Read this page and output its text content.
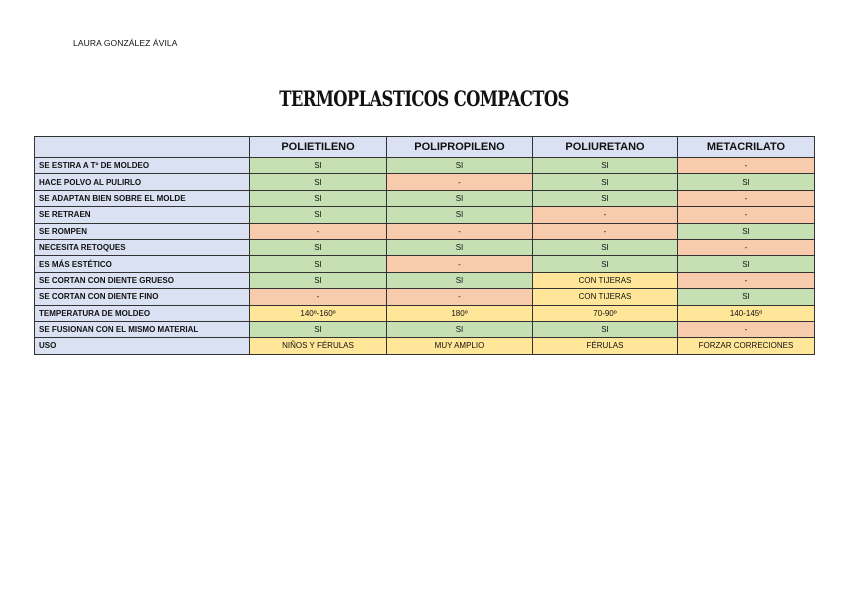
LAURA GONZÁLEZ ÁVILA
TERMOPLASTICOS COMPACTOS
	POLIETILENO	POLIPROPILENO	POLIURETANO	METACRILATO
SE ESTIRA A Tº DE MOLDEO	SI	SI	SI	-
HACE POLVO AL PULIRLO	SI	-	SI	SI
SE ADAPTAN BIEN SOBRE EL MOLDE	SI	SI	SI	-
SE RETRAEN	SI	SI	-	-
SE ROMPEN	-	-	-	SI
NECESITA RETOQUES	SI	SI	SI	-
ES MÁS ESTÉTICO	SI	-	SI	SI
SE CORTAN CON DIENTE GRUESO	SI	SI	CON TIJERAS	-
SE CORTAN CON DIENTE FINO	-	-	CON TIJERAS	SI
TEMPERATURA DE MOLDEO	140º-160º	180º	70-90º	140-145º
SE FUSIONAN CON EL MISMO MATERIAL	SI	SI	SI	-
USO	NIÑOS Y FÉRULAS	MUY AMPLIO	FÉRULAS	FORZAR CORRECIONES
